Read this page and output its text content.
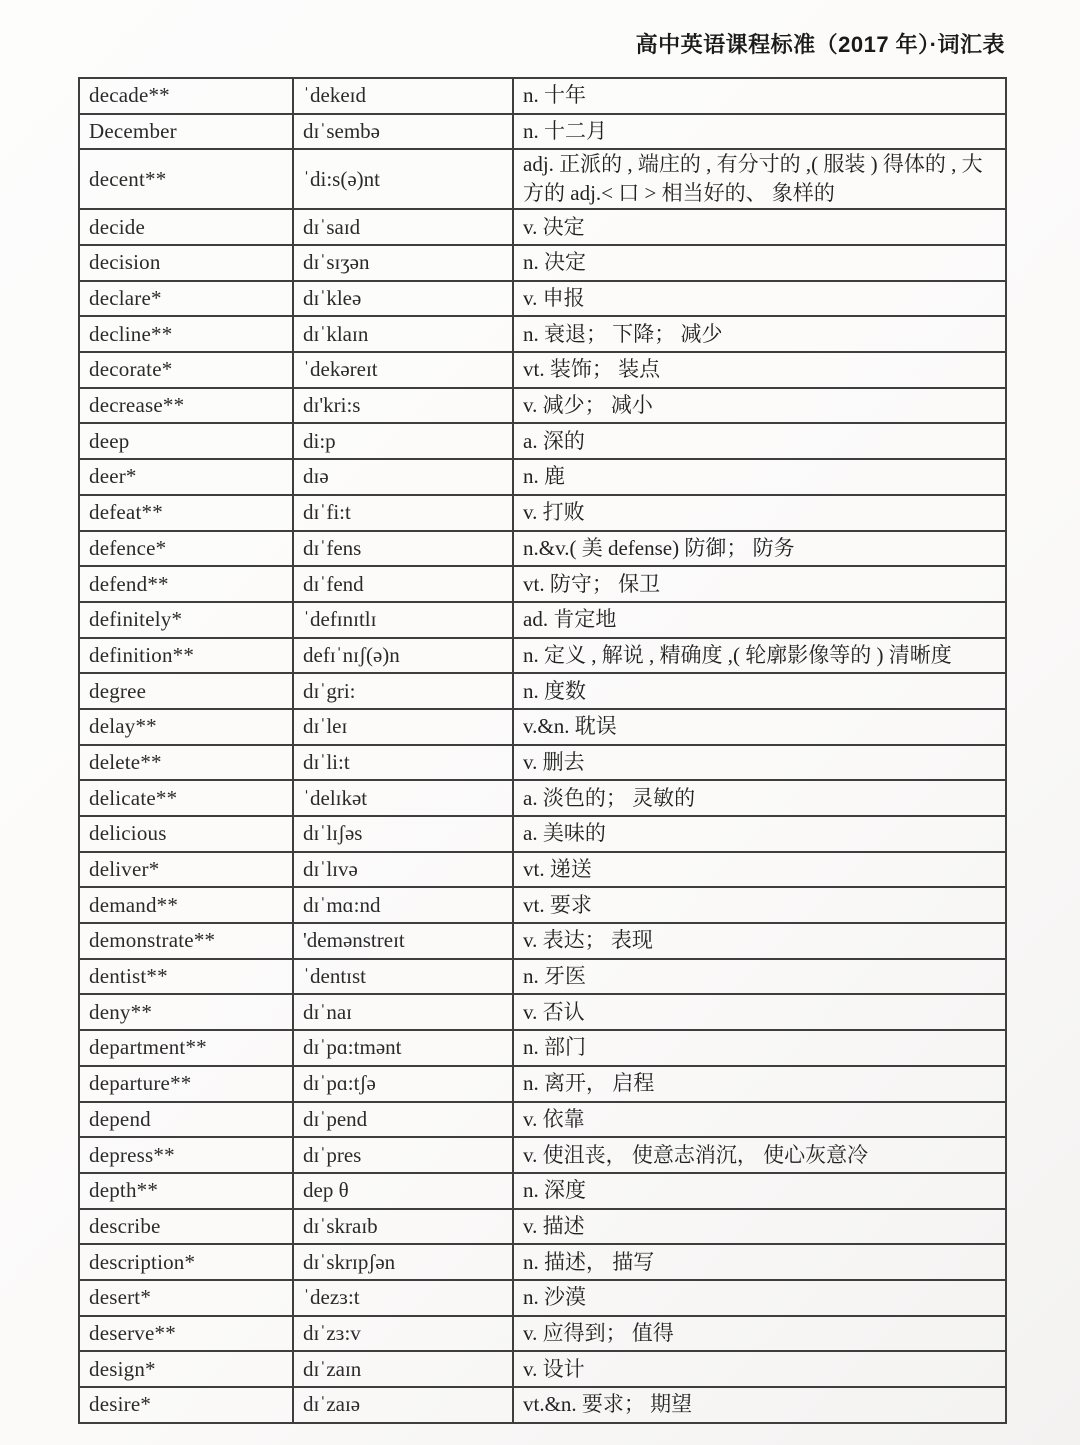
高中英语课程标准（2017 年）·词汇表
decade**	ˈdekeɪd	n. 十年
December	dɪˈsembə	n. 十二月
decent**	ˈdi:s(ə)nt	adj. 正派的 , 端庄的 , 有分寸的 ,( 服装 ) 得体的 , 大方的 adj.< 口 > 相当好的、 象样的
decide	dɪˈsaɪd	v. 决定
decision	dɪˈsɪʒən	n. 决定
declare*	dɪˈkleə	v. 申报
decline**	dɪˈklaɪn	n. 衰退； 下降； 减少
decorate*	ˈdekəreɪt	vt. 装饰； 装点
decrease**	dɪ'kri:s	v. 减少； 减小
deep	di:p	a. 深的
deer*	dɪə	n. 鹿
defeat**	dɪˈfi:t	v. 打败
defence*	dɪˈfens	n.&v.( 美 defense) 防御； 防务
defend**	dɪˈfend	vt. 防守； 保卫
definitely*	ˈdefɪnɪtlɪ	ad. 肯定地
definition**	defɪˈnɪʃ(ə)n	n. 定义 , 解说 , 精确度 ,( 轮廓影像等的 ) 清晰度
degree	dɪˈgri:	n. 度数
delay**	dɪˈleɪ	v.&n. 耽误
delete**	dɪˈli:t	v. 删去
delicate**	ˈdelɪkət	a. 淡色的； 灵敏的
delicious	dɪˈlɪʃəs	a. 美味的
deliver*	dɪˈlɪvə	vt. 递送
demand**	dɪˈmɑ:nd	vt. 要求
demonstrate**	'demənstreɪt	v. 表达； 表现
dentist**	ˈdentɪst	n. 牙医
deny**	dɪˈnaɪ	v. 否认
department**	dɪˈpɑ:tmənt	n. 部门
departure**	dɪˈpɑ:tʃə	n. 离开， 启程
depend	dɪˈpend	v. 依靠
depress**	dɪˈpres	v. 使沮丧， 使意志消沉， 使心灰意冷
depth**	dep θ	n. 深度
describe	dɪˈskraɪb	v. 描述
description*	dɪˈskrɪpʃən	n. 描述， 描写
desert*	ˈdezɜ:t	n. 沙漠
deserve**	dɪˈzɜ:v	v. 应得到； 值得
design*	dɪˈzaɪn	v. 设计
desire*	dɪˈzaɪə	vt.&n. 要求； 期望
